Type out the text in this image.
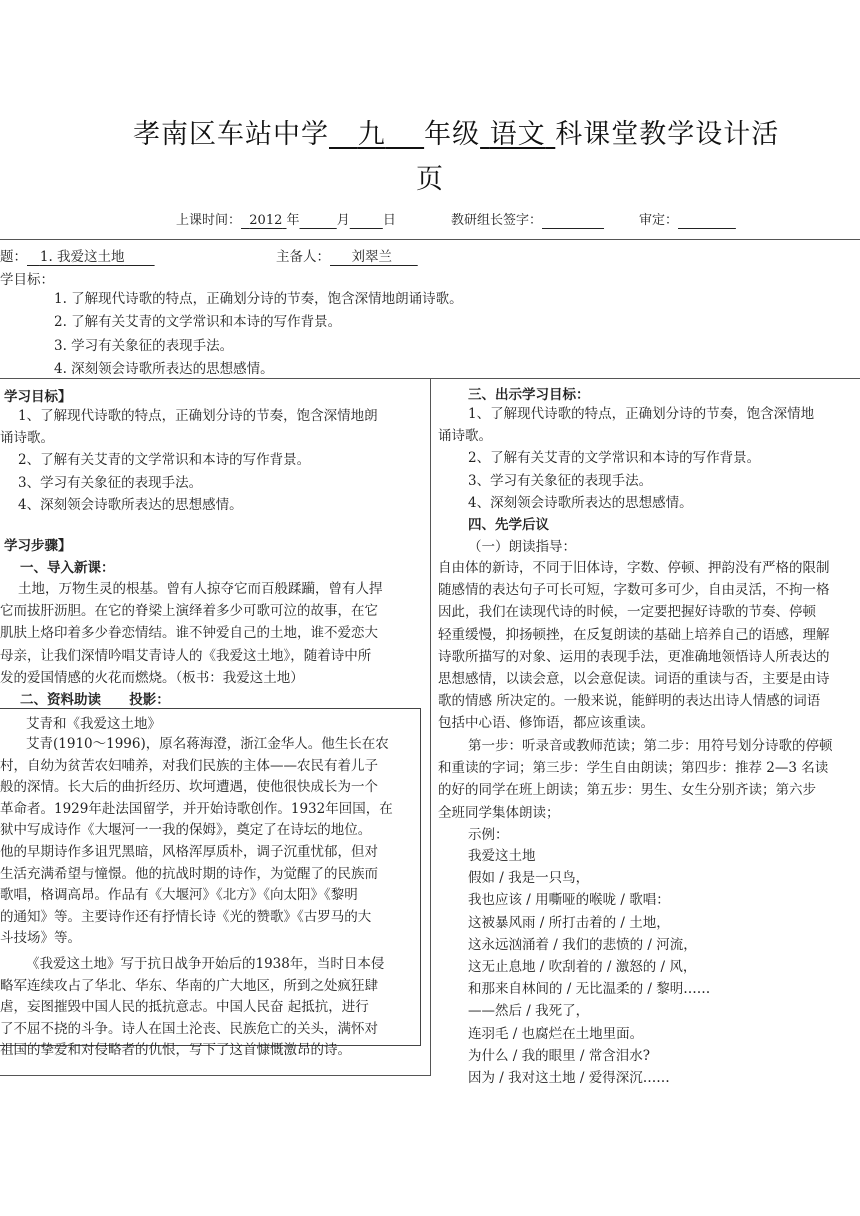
孝南区车站中学 九 年级 语文 科课堂教学设计活
页
上课时间： 2012 年	月	日	教研组长签字：	审定：
题： 1. 我爱这土地	主备人： 刘翠兰
学目标：
1. 了解现代诗歌的特点，正确划分诗的节奏，饱含深情地朗诵诗歌。
2. 了解有关艾青的文学常识和本诗的写作背景。
3. 学习有关象征的表现手法。
4. 深刻领会诗歌所表达的思想感情。
学习目标】
1、了解现代诗歌的特点，正确划分诗的节奏，饱含深情地朗
诵诗歌。
2、了解有关艾青的文学常识和本诗的写作背景。
3、学习有关象征的表现手法。
4、深刻领会诗歌所表达的思想感情。
学习步骤】
一、导入新课：
土地，万物生灵的根基。曾有人掠夺它而百般蹂躏，曾有人捍
它而拔肝沥胆。在它的脊梁上演绎着多少可歌可泣的故事，在它
肌肤上烙印着多少眷恋情结。谁不钟爱自己的土地，谁不爱恋大
母亲，让我们深情吟唱艾青诗人的《我爱这土地》，随着诗中所
发的爱国情感的火花而燃烧。（板书：我爱这土地）
二、资料助读 投影：
艾青和《我爱这土地》
艾青(1910～1996)，原名蒋海澄，浙江金华人。他生长在农
村，自幼为贫苦农妇哺养，对我们民族的主体——农民有着儿子
般的深情。长大后的曲折经历、坎坷遭遇，使他很快成长为一个
革命者。1929年赴法国留学，并开始诗歌创作。1932年回国，在
狱中写成诗作《大堰河一一我的保姆》，奠定了在诗坛的地位。
他的早期诗作多诅咒黑暗，风格浑厚质朴，调子沉重忧郁，但对
生活充满希望与憧憬。他的抗战时期的诗作，为觉醒了的民族而
歌唱，格调高昂。作品有《大堰河》《北方》《向太阳》《黎明
的通知》等。主要诗作还有抒情长诗《光的赞歌》《古罗马的大
斗技场》等。
《我爱这土地》写于抗日战争开始后的1938年，当时日本侵
略军连续攻占了华北、华东、华南的广大地区，所到之处疯狂肆
虐，妄图摧毁中国人民的抵抗意志。中国人民奋 起抵抗，进行
了不屈不挠的斗争。诗人在国土沦丧、民族危亡的关头，满怀对
祖国的挚爱和对侵略者的仇恨，写下了这首慷慨激昂的诗。
三、出示学习目标：
1、了解现代诗歌的特点，正确划分诗的节奏，饱含深情地
诵诗歌。
2、了解有关艾青的文学常识和本诗的写作背景。
3、学习有关象征的表现手法。
4、深刻领会诗歌所表达的思想感情。
四、先学后议
（一）朗读指导：
自由体的新诗，不同于旧体诗，字数、停顿、押韵没有严格的限制
随感情的表达句子可长可短，字数可多可少，自由灵活，不拘一格
因此，我们在读现代诗的时候，一定要把握好诗歌的节奏、停顿
轻重缓慢，抑扬顿挫，在反复朗读的基础上培养自己的语感，理解
诗歌所描写的对象、运用的表现手法，更准确地领悟诗人所表达的
思想感情，以读会意，以会意促读。词语的重读与否，主要是由诗
歌的情感 所决定的。一般来说，能鲜明的表达出诗人情感的词语
包括中心语、修饰语，都应该重读。
第一步：听录音或教师范读；第二步：用符号划分诗歌的停顿
和重读的字词；第三步：学生自由朗读；第四步：推荐 2—3 名读
的好的同学在班上朗读；第五步：男生、女生分别齐读；第六步
全班同学集体朗读；
示例：
我爱这土地
假如 / 我是一只鸟，
我也应该 / 用嘶哑的喉咙 / 歌唱：
这被暴风雨 / 所打击着的 / 土地，
这永远汹涌着 / 我们的悲愤的 / 河流，
这无止息地 / 吹刮着的 / 激怒的 / 风，
和那来自林间的 / 无比温柔的 / 黎明……
——然后 / 我死了，
连羽毛 / 也腐烂在土地里面。
为什么 / 我的眼里 / 常含泪水?
因为 / 我对这土地 / 爱得深沉……
